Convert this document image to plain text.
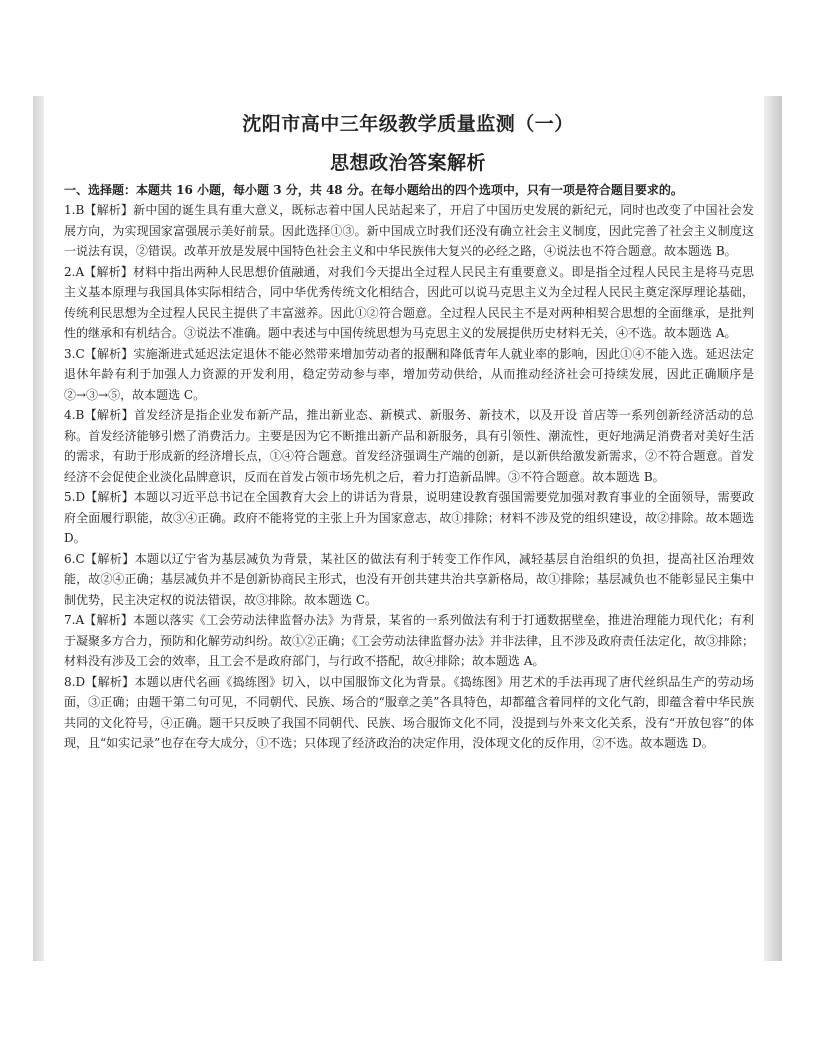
沈阳市高中三年级教学质量监测（一）
思想政治答案解析
一、选择题：本题共 16 小题，每小题 3 分，共 48 分。在每小题给出的四个选项中，只有一项是符合题目要求的。
1.B【解析】新中国的诞生具有重大意义，既标志着中国人民站起来了，开启了中国历史发展的新纪元，同时也改变了中国社会发展方向，为实现国家富强展示美好前景。因此选择①③。新中国成立时我们还没有确立社会主义制度，因此完善了社会主义制度这一说法有误，②错误。改革开放是发展中国特色社会主义和中华民族伟大复兴的必经之路，④说法也不符合题意。故本题选 B。
2.A【解析】材料中指出两种人民思想价值融通，对我们今天提出全过程人民民主有重要意义。即是指全过程人民民主是将马克思主义基本原理与我国具体实际相结合，同中华优秀传统文化相结合，因此可以说马克思主义为全过程人民民主奠定深厚理论基础，传统利民思想为全过程人民民主提供了丰富滋养。因此①②符合题意。全过程人民民主不是对两种相契合思想的全面继承，是批判性的继承和有机结合。③说法不准确。题中表述与中国传统思想为马克思主义的发展提供历史材料无关，④不选。故本题选 A。
3.C【解析】实施渐进式延迟法定退休不能必然带来增加劳动者的报酬和降低青年人就业率的影响，因此①④不能入选。延迟法定退休年龄有利于加强人力资源的开发利用，稳定劳动参与率，增加劳动供给，从而推动经济社会可持续发展，因此正确顺序是②→③→⑤，故本题选 C。
4.B【解析】首发经济是指企业发布新产品，推出新业态、新模式、新服务、新技术，以及开设 首店等一系列创新经济活动的总称。首发经济能够引燃了消费活力。主要是因为它不断推出新产品和新服务，具有引领性、潮流性，更好地满足消费者对美好生活的需求，有助于形成新的经济增长点，①④符合题意。首发经济强调生产端的创新，是以新供给激发新需求，②不符合题意。首发经济不会促使企业淡化品牌意识，反而在首发占领市场先机之后，着力打造新品牌。③不符合题意。故本题选 B。
5.D【解析】本题以习近平总书记在全国教育大会上的讲话为背景，说明建设教育强国需要党加强对教育事业的全面领导，需要政府全面履行职能，故③④正确。政府不能将党的主张上升为国家意志，故①排除；材料不涉及党的组织建设，故②排除。故本题选 D。
6.C【解析】本题以辽宁省为基层减负为背景，某社区的做法有利于转变工作作风，减轻基层自治组织的负担，提高社区治理效能，故②④正确；基层减负并不是创新协商民主形式，也没有开创共建共治共享新格局，故①排除；基层减负也不能彰显民主集中制优势，民主决定权的说法错误，故③排除。故本题选 C。
7.A【解析】本题以落实《工会劳动法律监督办法》为背景，某省的一系列做法有利于打通数据壁垒，推进治理能力现代化；有利于凝聚多方合力，预防和化解劳动纠纷。故①②正确；《工会劳动法律监督办法》并非法律，且不涉及政府责任法定化，故③排除；材料没有涉及工会的效率，且工会不是政府部门，与行政不搭配，故④排除；故本题选 A。
8.D【解析】本题以唐代名画《捣练图》切入，以中国服饰文化为背景。《捣练图》用艺术的手法再现了唐代丝织品生产的劳动场面，③正确；由题干第二句可见，不同朝代、民族、场合的“服章之美”各具特色，却都蕴含着同样的文化气韵，即蕴含着中华民族共同的文化符号，④正确。题干只反映了我国不同朝代、民族、场合服饰文化不同，没提到与外来文化关系，没有“开放包容”的体现，且“如实记录”也存在夸大成分，①不选；只体现了经济政治的决定作用，没体现文化的反作用，②不选。故本题选 D。
